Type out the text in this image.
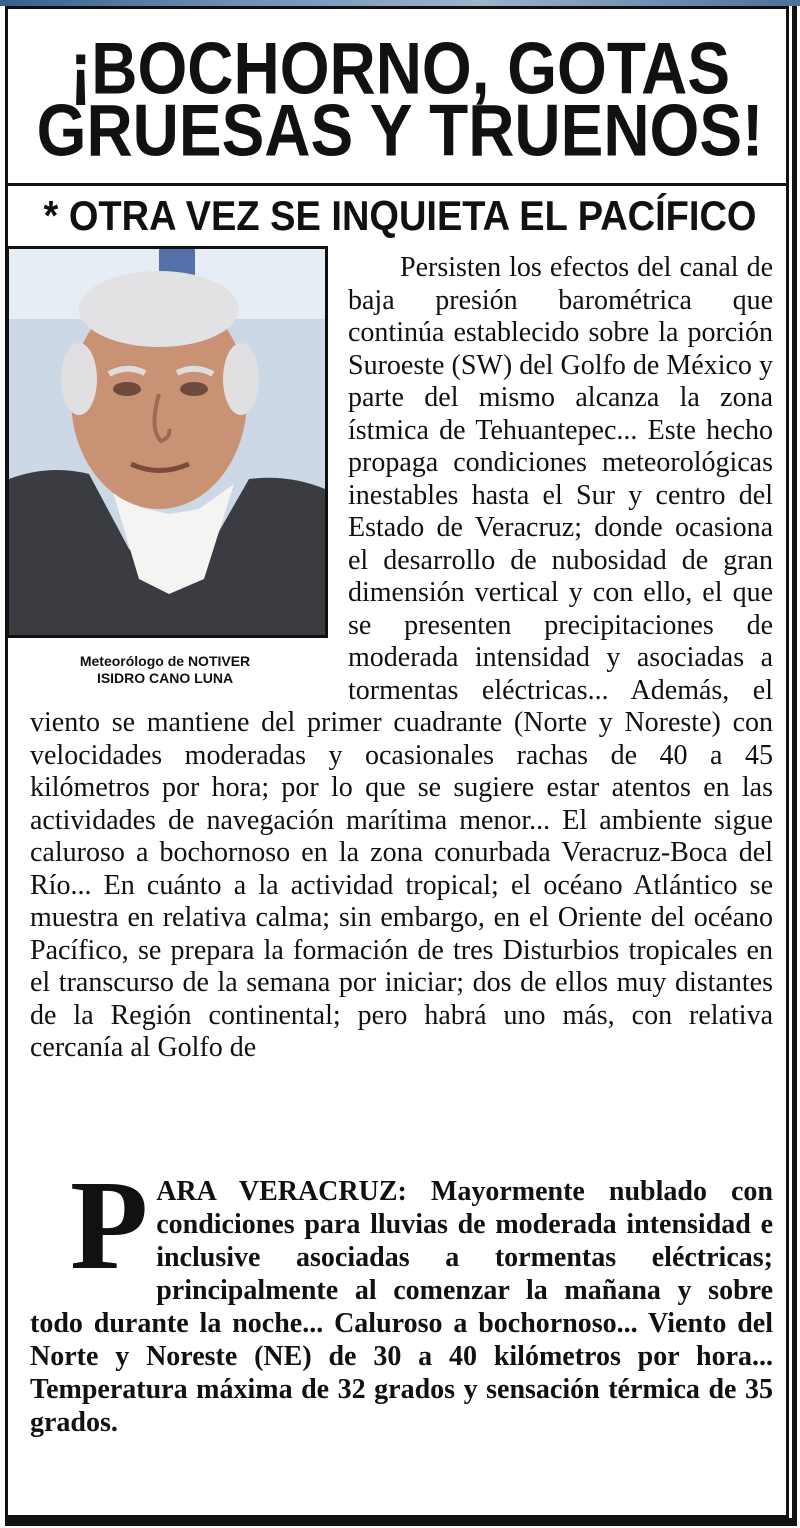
¡BOCHORNO, GOTAS
GRUESAS Y TRUENOS!
* OTRA VEZ SE INQUIETA EL PACÍFICO
Meteorólogo de NOTIVER
ISIDRO CANO LUNA

Persisten los efectos del canal de baja presión barométrica que continúa establecido sobre la porción Suroeste (SW) del Golfo de México y parte del mismo alcanza la zona ístmica de Tehuantepec... Este hecho propaga condiciones meteorológicas inestables hasta el Sur y centro del Estado de Veracruz; donde ocasiona el desarrollo de nubosidad de gran dimensión vertical y con ello, el que se presenten precipitaciones de moderada intensidad y asociadas a tormentas eléctricas... Además, el viento se mantiene del primer cuadrante (Norte y Noreste) con velocidades moderadas y ocasionales rachas de 40 a 45 kilómetros por hora; por lo que se sugiere estar atentos en las actividades de navegación marítima menor... El ambiente sigue caluroso a bochornoso en la zona conurbada Veracruz-Boca del Río... En cuánto a la actividad tropical; el océano Atlántico se muestra en relativa calma; sin embargo, en el Oriente del océano Pacífico, se prepara la formación de tres Disturbios tropicales en el transcurso de la semana por iniciar; dos de ellos muy distantes de la Región continental; pero habrá uno más, con relativa cercanía al Golfo de

P ARA VERACRUZ: Mayormente nublado con condiciones para lluvias de moderada intensidad e inclusive asociadas a tormentas eléctricas; principalmente al comenzar la mañana y sobre todo durante la noche... Caluroso a bochornoso... Viento del Norte y Noreste (NE) de 30 a 40 kilómetros por hora... Temperatura máxima de 32 grados y sensación térmica de 35 grados.
